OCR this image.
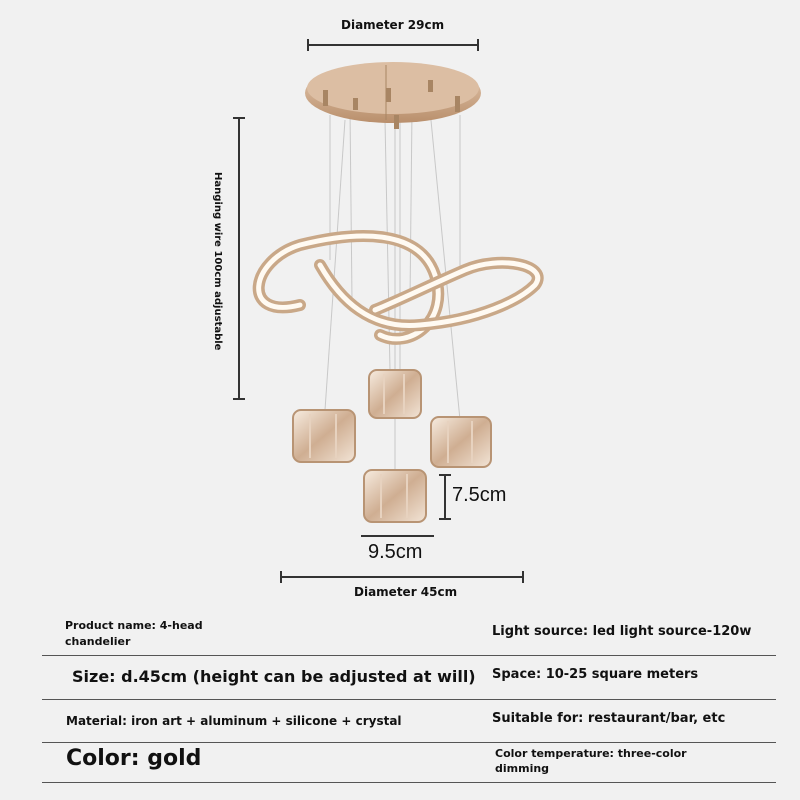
Diameter 29cm
Hanging wire 100cm adjustable
7.5cm
9.5cm
Diameter 45cm
Product name: 4-head chandelier
Light source: led light source-120w
Size: d.45cm (height can be adjusted at will) Space: 10-25 square meters
Material: iron art + aluminum + silicone + crystal	Suitable for: restaurant/bar, etc
Color: gold	Color temperature: three-color dimming
